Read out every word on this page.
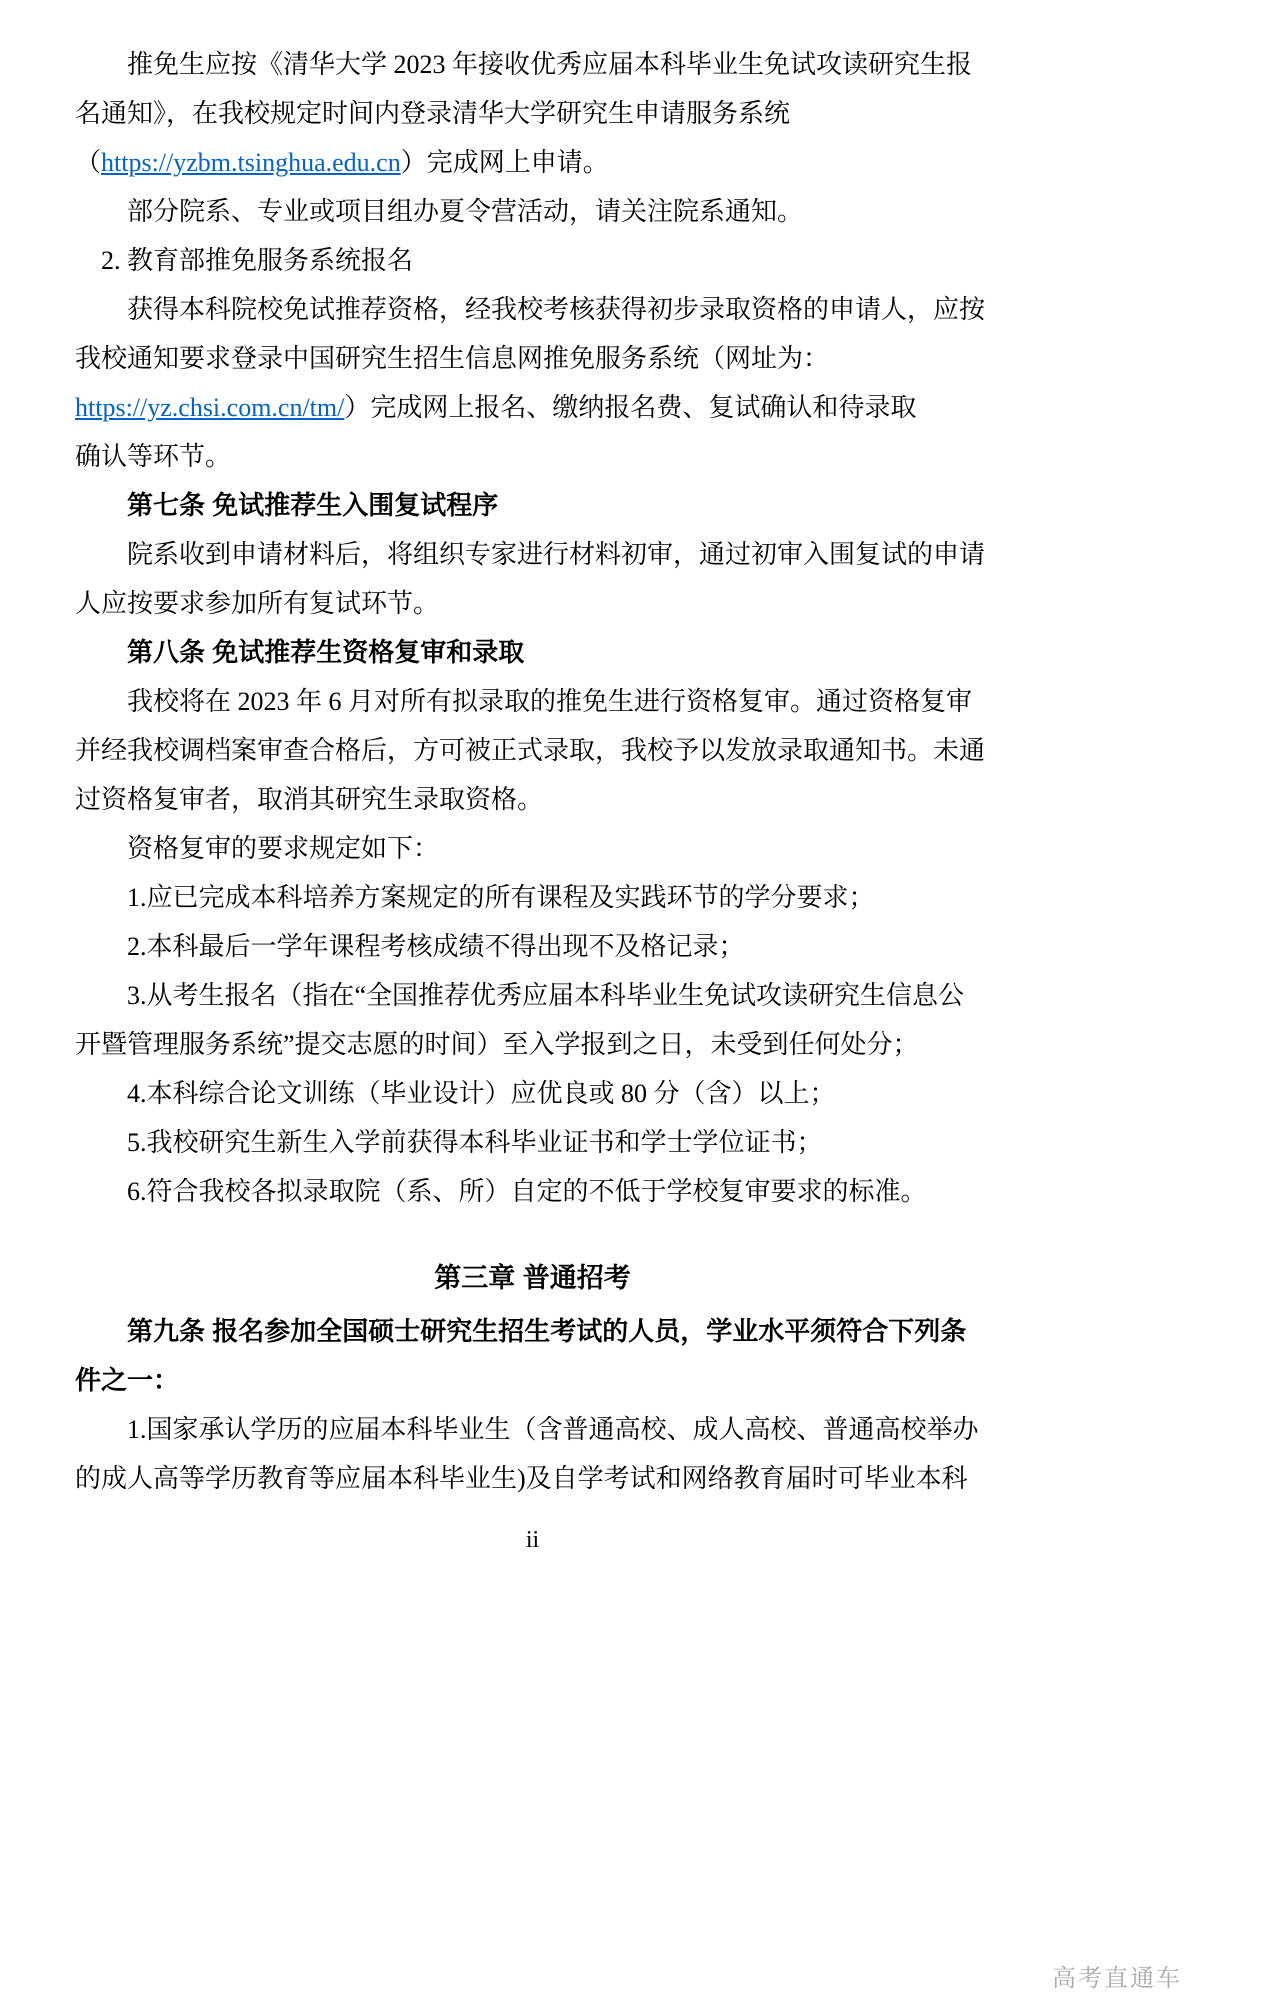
推免生应按《清华大学 2023 年接收优秀应届本科毕业生免试攻读研究生报
名通知》，在我校规定时间内登录清华大学研究生申请服务系统
（https://yzbm.tsinghua.edu.cn）完成网上申请。
部分院系、专业或项目组办夏令营活动，请关注院系通知。
2. 教育部推免服务系统报名
获得本科院校免试推荐资格，经我校考核获得初步录取资格的申请人，应按
我校通知要求登录中国研究生招生信息网推免服务系统（网址为：
https://yz.chsi.com.cn/tm/）完成网上报名、缴纳报名费、复试确认和待录取
确认等环节。
第七条 免试推荐生入围复试程序
院系收到申请材料后，将组织专家进行材料初审，通过初审入围复试的申请
人应按要求参加所有复试环节。
第八条 免试推荐生资格复审和录取
我校将在 2023 年 6 月对所有拟录取的推免生进行资格复审。通过资格复审
并经我校调档案审查合格后，方可被正式录取，我校予以发放录取通知书。未通
过资格复审者，取消其研究生录取资格。
资格复审的要求规定如下：
1.应已完成本科培养方案规定的所有课程及实践环节的学分要求；
2.本科最后一学年课程考核成绩不得出现不及格记录；
3.从考生报名（指在“全国推荐优秀应届本科毕业生免试攻读研究生信息公
开暨管理服务系统”提交志愿的时间）至入学报到之日，未受到任何处分；
4.本科综合论文训练（毕业设计）应优良或 80 分（含）以上；
5.我校研究生新生入学前获得本科毕业证书和学士学位证书；
6.符合我校各拟录取院（系、所）自定的不低于学校复审要求的标准。
第三章 普通招考
第九条 报名参加全国硕士研究生招生考试的人员，学业水平须符合下列条
件之一：
1.国家承认学历的应届本科毕业生（含普通高校、成人高校、普通高校举办
的成人高等学历教育等应届本科毕业生)及自学考试和网络教育届时可毕业本科
ii
高考直通车
